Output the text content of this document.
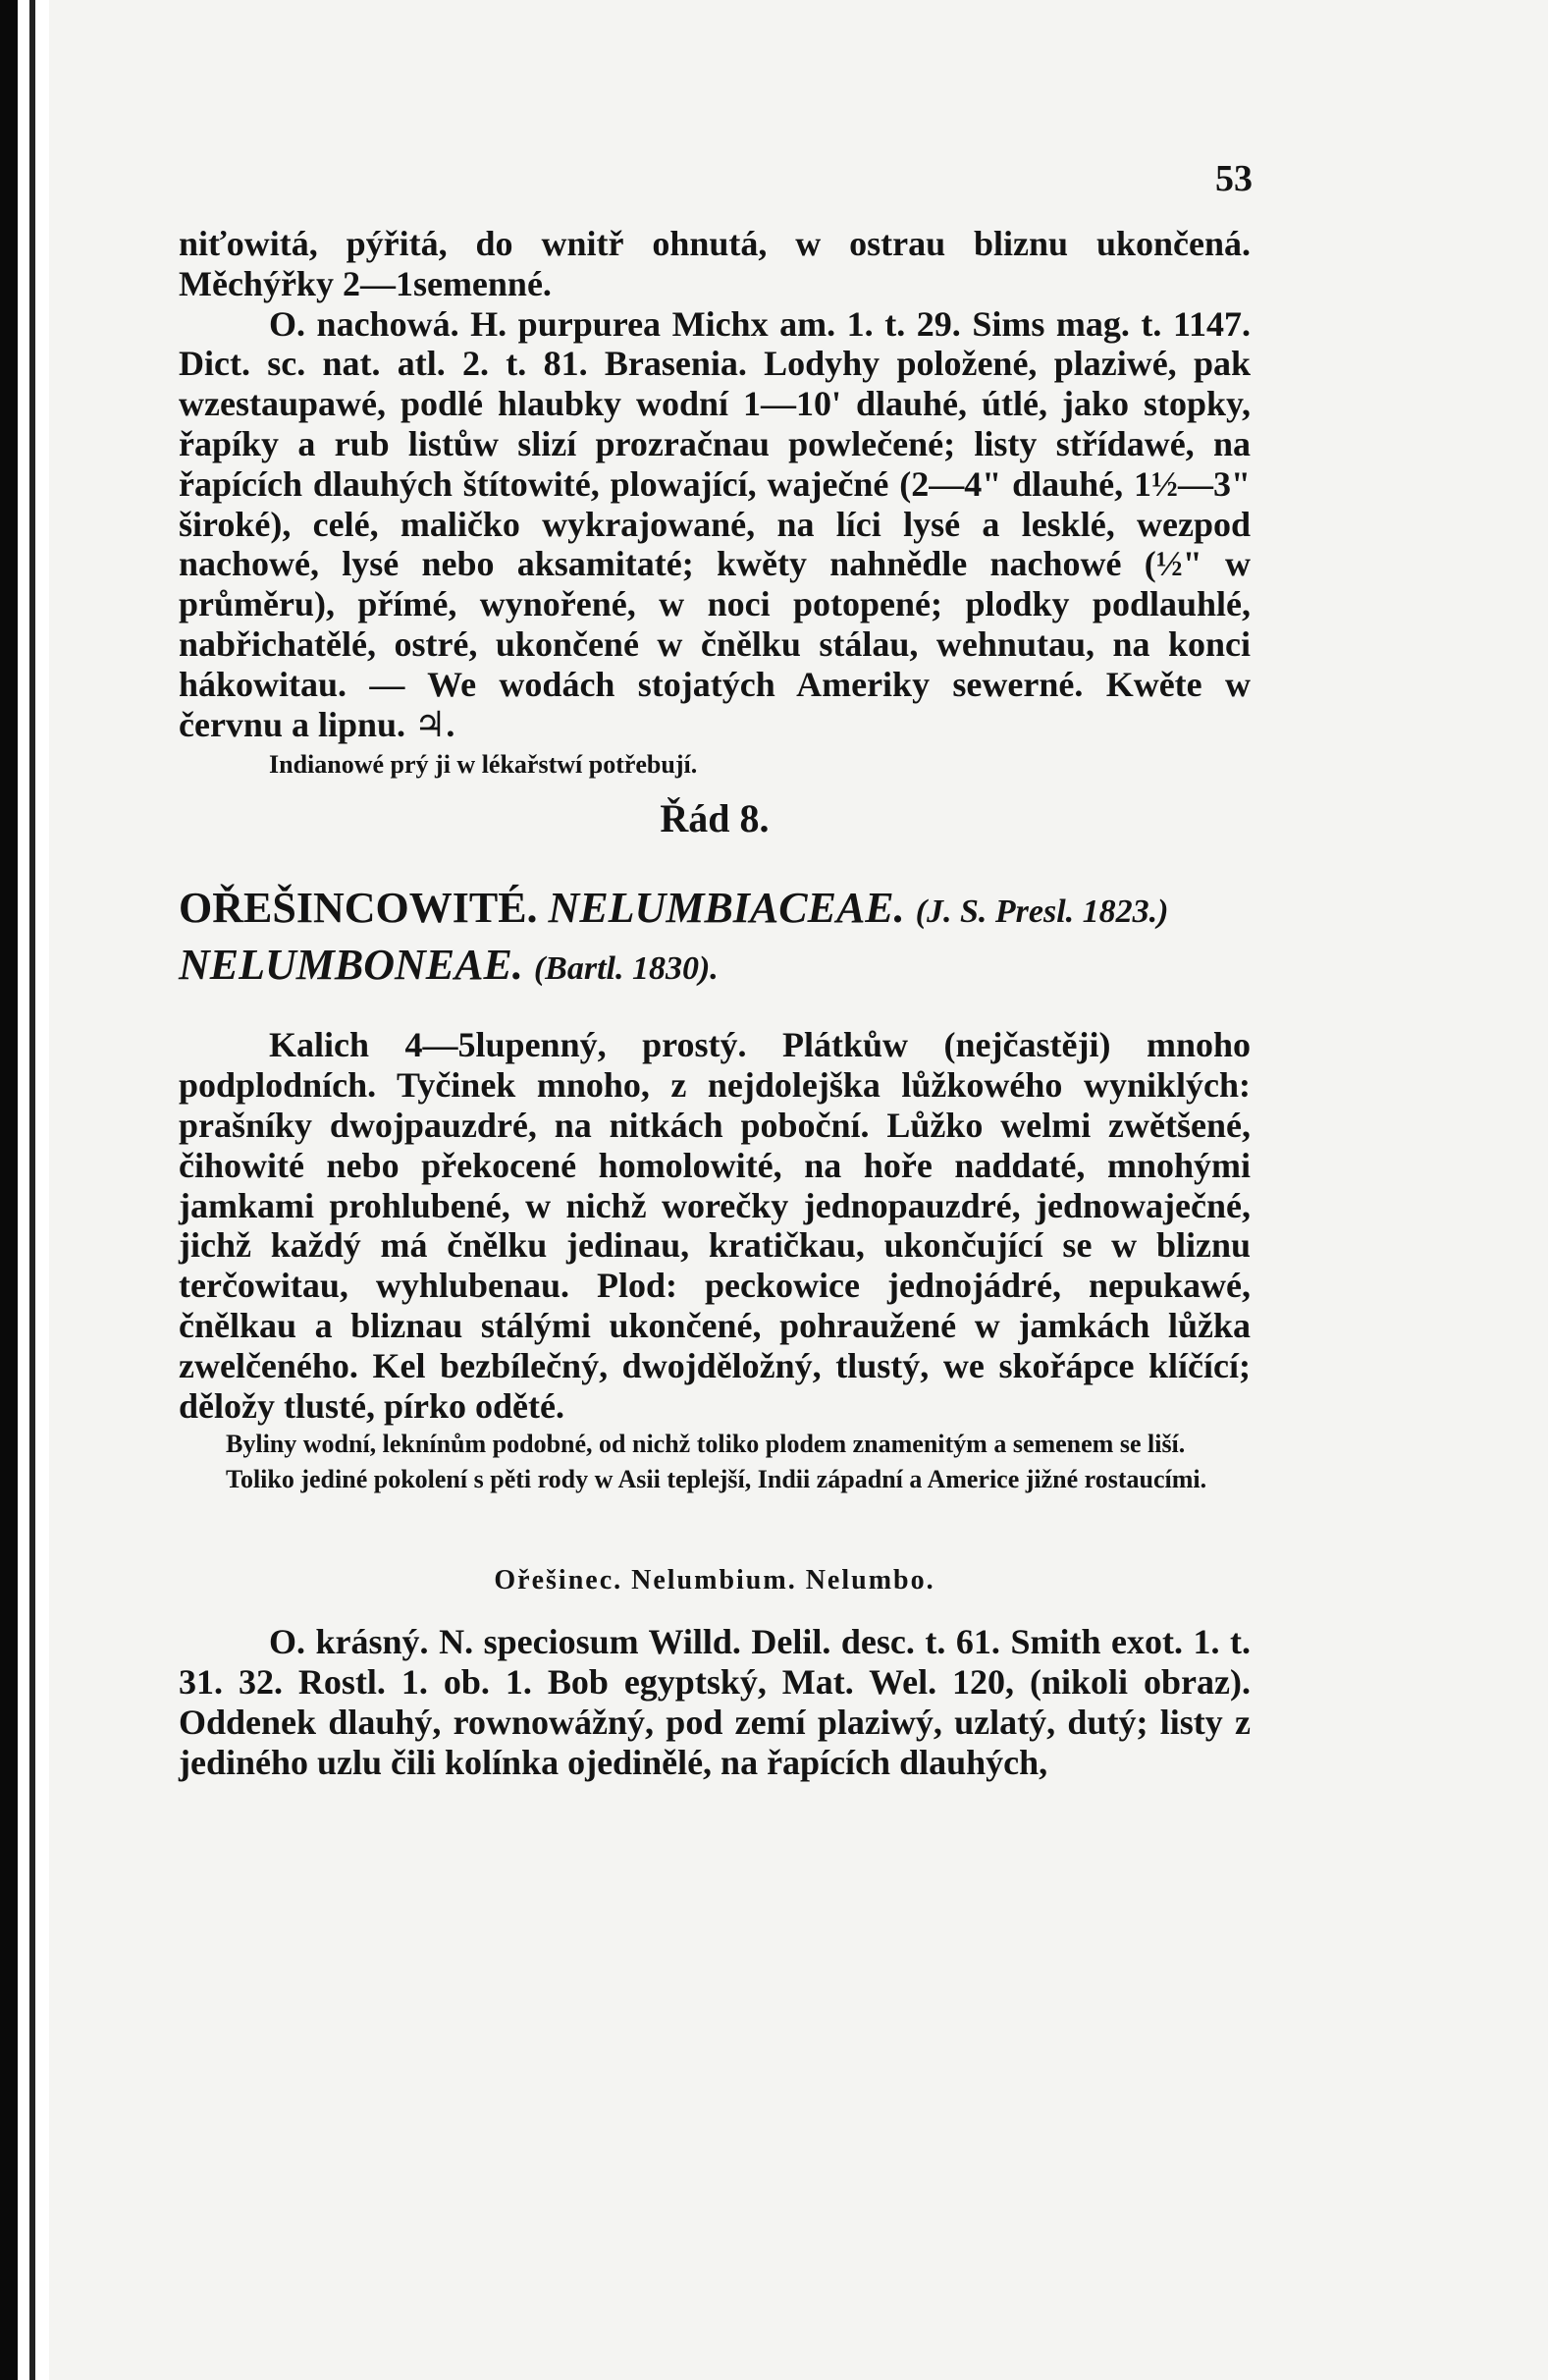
53

niťowitá, pýřitá, do wnitř ohnutá, w ostrau bliznu ukončená. Měchýřky 2—1semenné.

O. nachowá. H. purpurea Michx am. 1. t. 29. Sims mag. t. 1147. Dict. sc. nat. atl. 2. t. 81. Brasenia. Lodyhy položené, plaziwé, pak wzestaupawé, podlé hlaubky wodní 1—10' dlauhé, útlé, jako stopky, řapíky a rub listůw slizí prozračnau powlečené; listy střídawé, na řapících dlauhých štítowité, plowající, waječné (2—4" dlauhé, 1½—3" široké), celé, maličko wykrajowané, na líci lysé a lesklé, wezpod nachowé, lysé nebo aksamitaté; kwěty nahnědle nachowé (½" w průměru), přímé, wynořené, w noci potopené; plodky podlauhlé, nabřichatělé, ostré, ukončené w čnělku stálau, wehnutau, na konci hákowitau. — We wodách stojatých Ameriky sewerné. Kwěte w červnu a lipnu. ♃.

Indianowé prý ji w lékařstwí potřebují.

Řád 8.
OŘEŠINCOWITÉ. NELUMBIACEAE. (J. S. Presl. 1823.) NELUMBONEAE. (Bartl. 1830).

Kalich 4—5lupenný, prostý. Plátkůw (nejčastěji) mnoho podplodních. Tyčinek mnoho, z nejdolejška lůžkowého wyniklých: prašníky dwojpauzdré, na nitkách poboční. Lůžko welmi zwětšené, čihowité nebo překocené homolowité, na hoře naddaté, mnohými jamkami prohlubené, w nichž worečky jednopauzdré, jednowaječné, jichž každý má čnělku jedinau, kratičkau, ukončující se w bliznu terčowitau, wyhlubenau. Plod: peckowice jednojádré, nepukawé, čnělkau a bliznau stálými ukončené, pohraužené w jamkách lůžka zwelčeného. Kel bezbílečný, dwojděložný, tlustý, we skořápce klíčící; děložy tlusté, pírko oděté.

Byliny wodní, leknínům podobné, od nichž toliko plodem znamenitým a semenem se liší.

Toliko jediné pokolení s pěti rody w Asii teplejší, Indii západní a Americe jižné rostaucími.

Ořešinec. Nelumbium. Nelumbo.

O. krásný. N. speciosum Willd. Delil. desc. t. 61. Smith exot. 1. t. 31. 32. Rostl. 1. ob. 1. Bob egyptský, Mat. Wel. 120, (nikoli obraz). Oddenek dlauhý, rownowážný, pod zemí plaziwý, uzlatý, dutý; listy z jediného uzlu čili kolínka ojedinělé, na řapících dlauhých,
